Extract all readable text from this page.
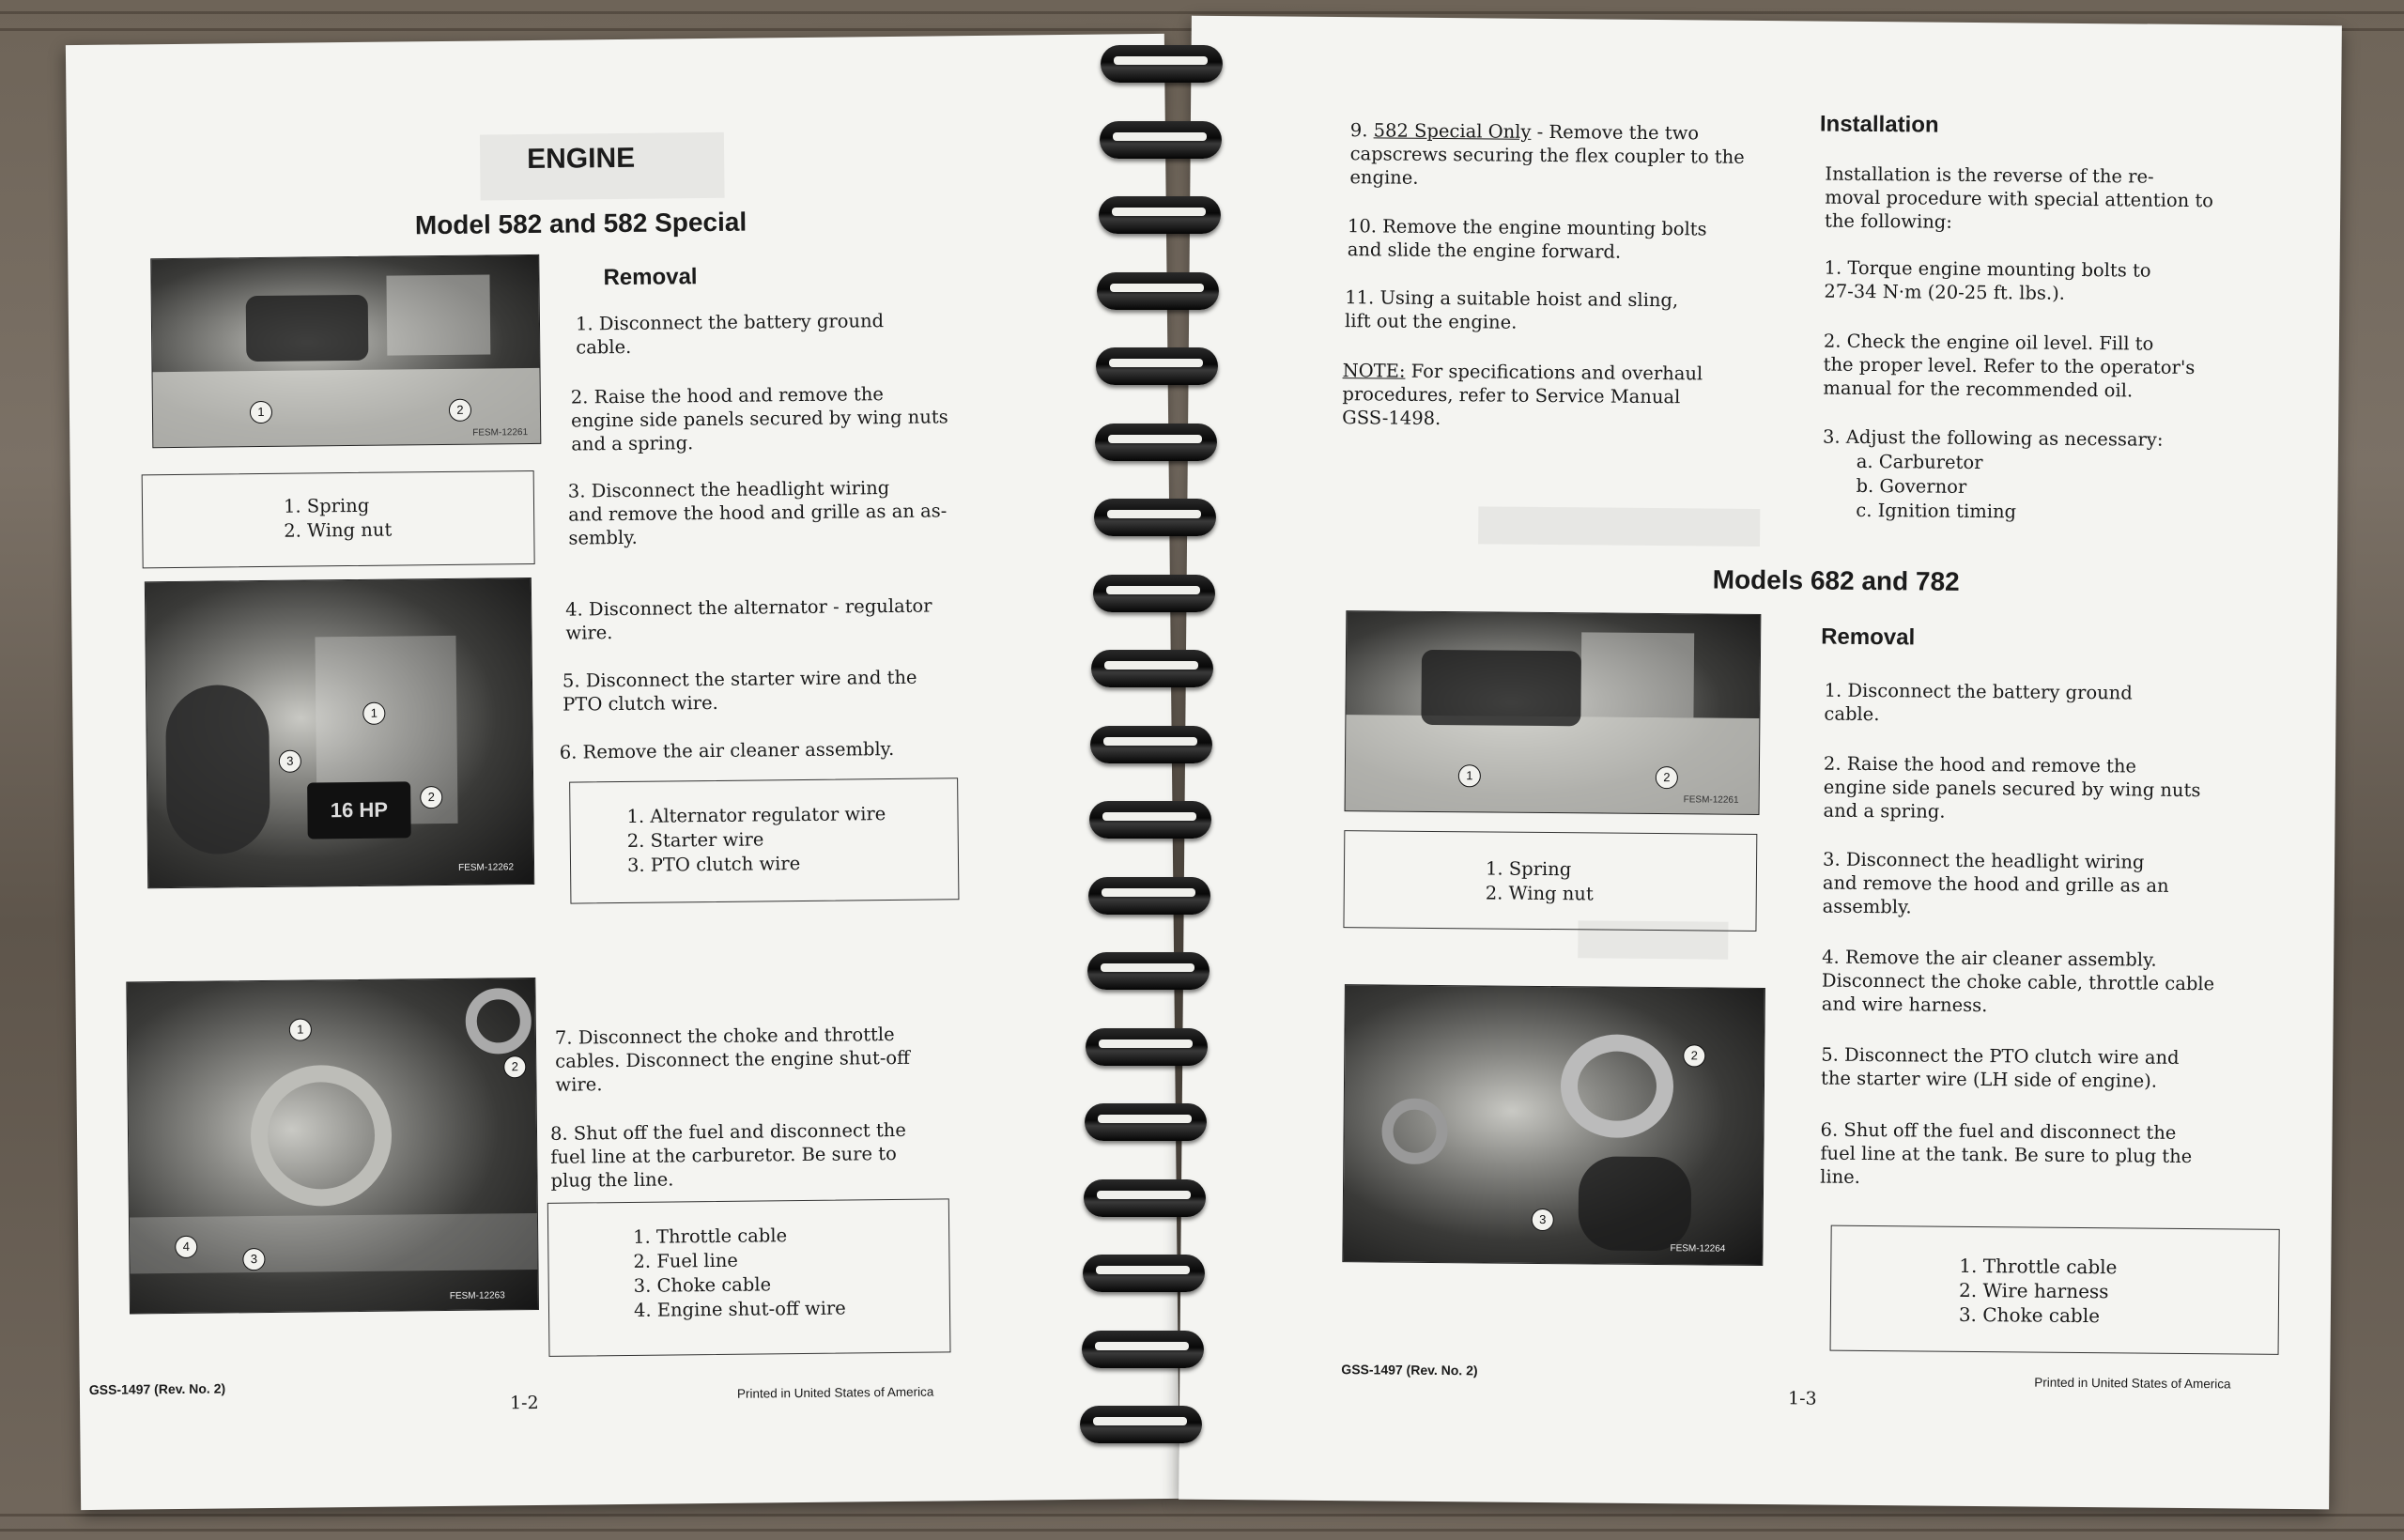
ENGINE
Model 582 and 582 Special
Removal
1	2
FESM-12261
1. Spring
2. Wing nut
1. Disconnect the battery ground
cable.
2. Raise the hood and remove the
engine side panels secured by wing nuts
and a spring.
3. Disconnect the headlight wiring
and remove the hood and grille as an as-
sembly.
4. Disconnect the alternator - regulator
wire.
5. Disconnect the starter wire and the
PTO clutch wire.
6. Remove the air cleaner assembly.
16 HP
1
2
3
FESM-12262
1. Alternator regulator wire
2. Starter wire
3. PTO clutch wire
1
2
3
4
FESM-12263
7. Disconnect the choke and throttle
cables. Disconnect the engine shut-off
wire.
8. Shut off the fuel and disconnect the
fuel line at the carburetor. Be sure to
plug the line.
1. Throttle cable
2. Fuel line
3. Choke cable
4. Engine shut-off wire
GSS-1497 (Rev. No. 2)
1-2	Printed in United States of America
9. 582 Special Only - Remove the two
capscrews securing the flex coupler to the
engine.
10. Remove the engine mounting bolts
and slide the engine forward.
11. Using a suitable hoist and sling,
lift out the engine.
NOTE: For specifications and overhaul
procedures, refer to Service Manual
GSS-1498.
Installation
Installation is the reverse of the re-
moval procedure with special attention to
the following:
1. Torque engine mounting bolts to
27-34 N·m (20-25 ft. lbs.).
2. Check the engine oil level. Fill to
the proper level. Refer to the operator's
manual for the recommended oil.
3. Adjust the following as necessary:
a. Carburetor
b. Governor
c. Ignition timing
Models 682 and 782
Removal
1. Disconnect the battery ground
cable.
2. Raise the hood and remove the
engine side panels secured by wing nuts
and a spring.
3. Disconnect the headlight wiring
and remove the hood and grille as an
assembly.
4. Remove the air cleaner assembly.
Disconnect the choke cable, throttle cable
and wire harness.
5. Disconnect the PTO clutch wire and
the starter wire (LH side of engine).
6. Shut off the fuel and disconnect the
fuel line at the tank. Be sure to plug the
line.
1	2
FESM-12261
1. Spring
2. Wing nut
2
3
FESM-12264
1. Throttle cable
2. Wire harness
3. Choke cable
GSS-1497 (Rev. No. 2)
1-3
Printed in United States of America
